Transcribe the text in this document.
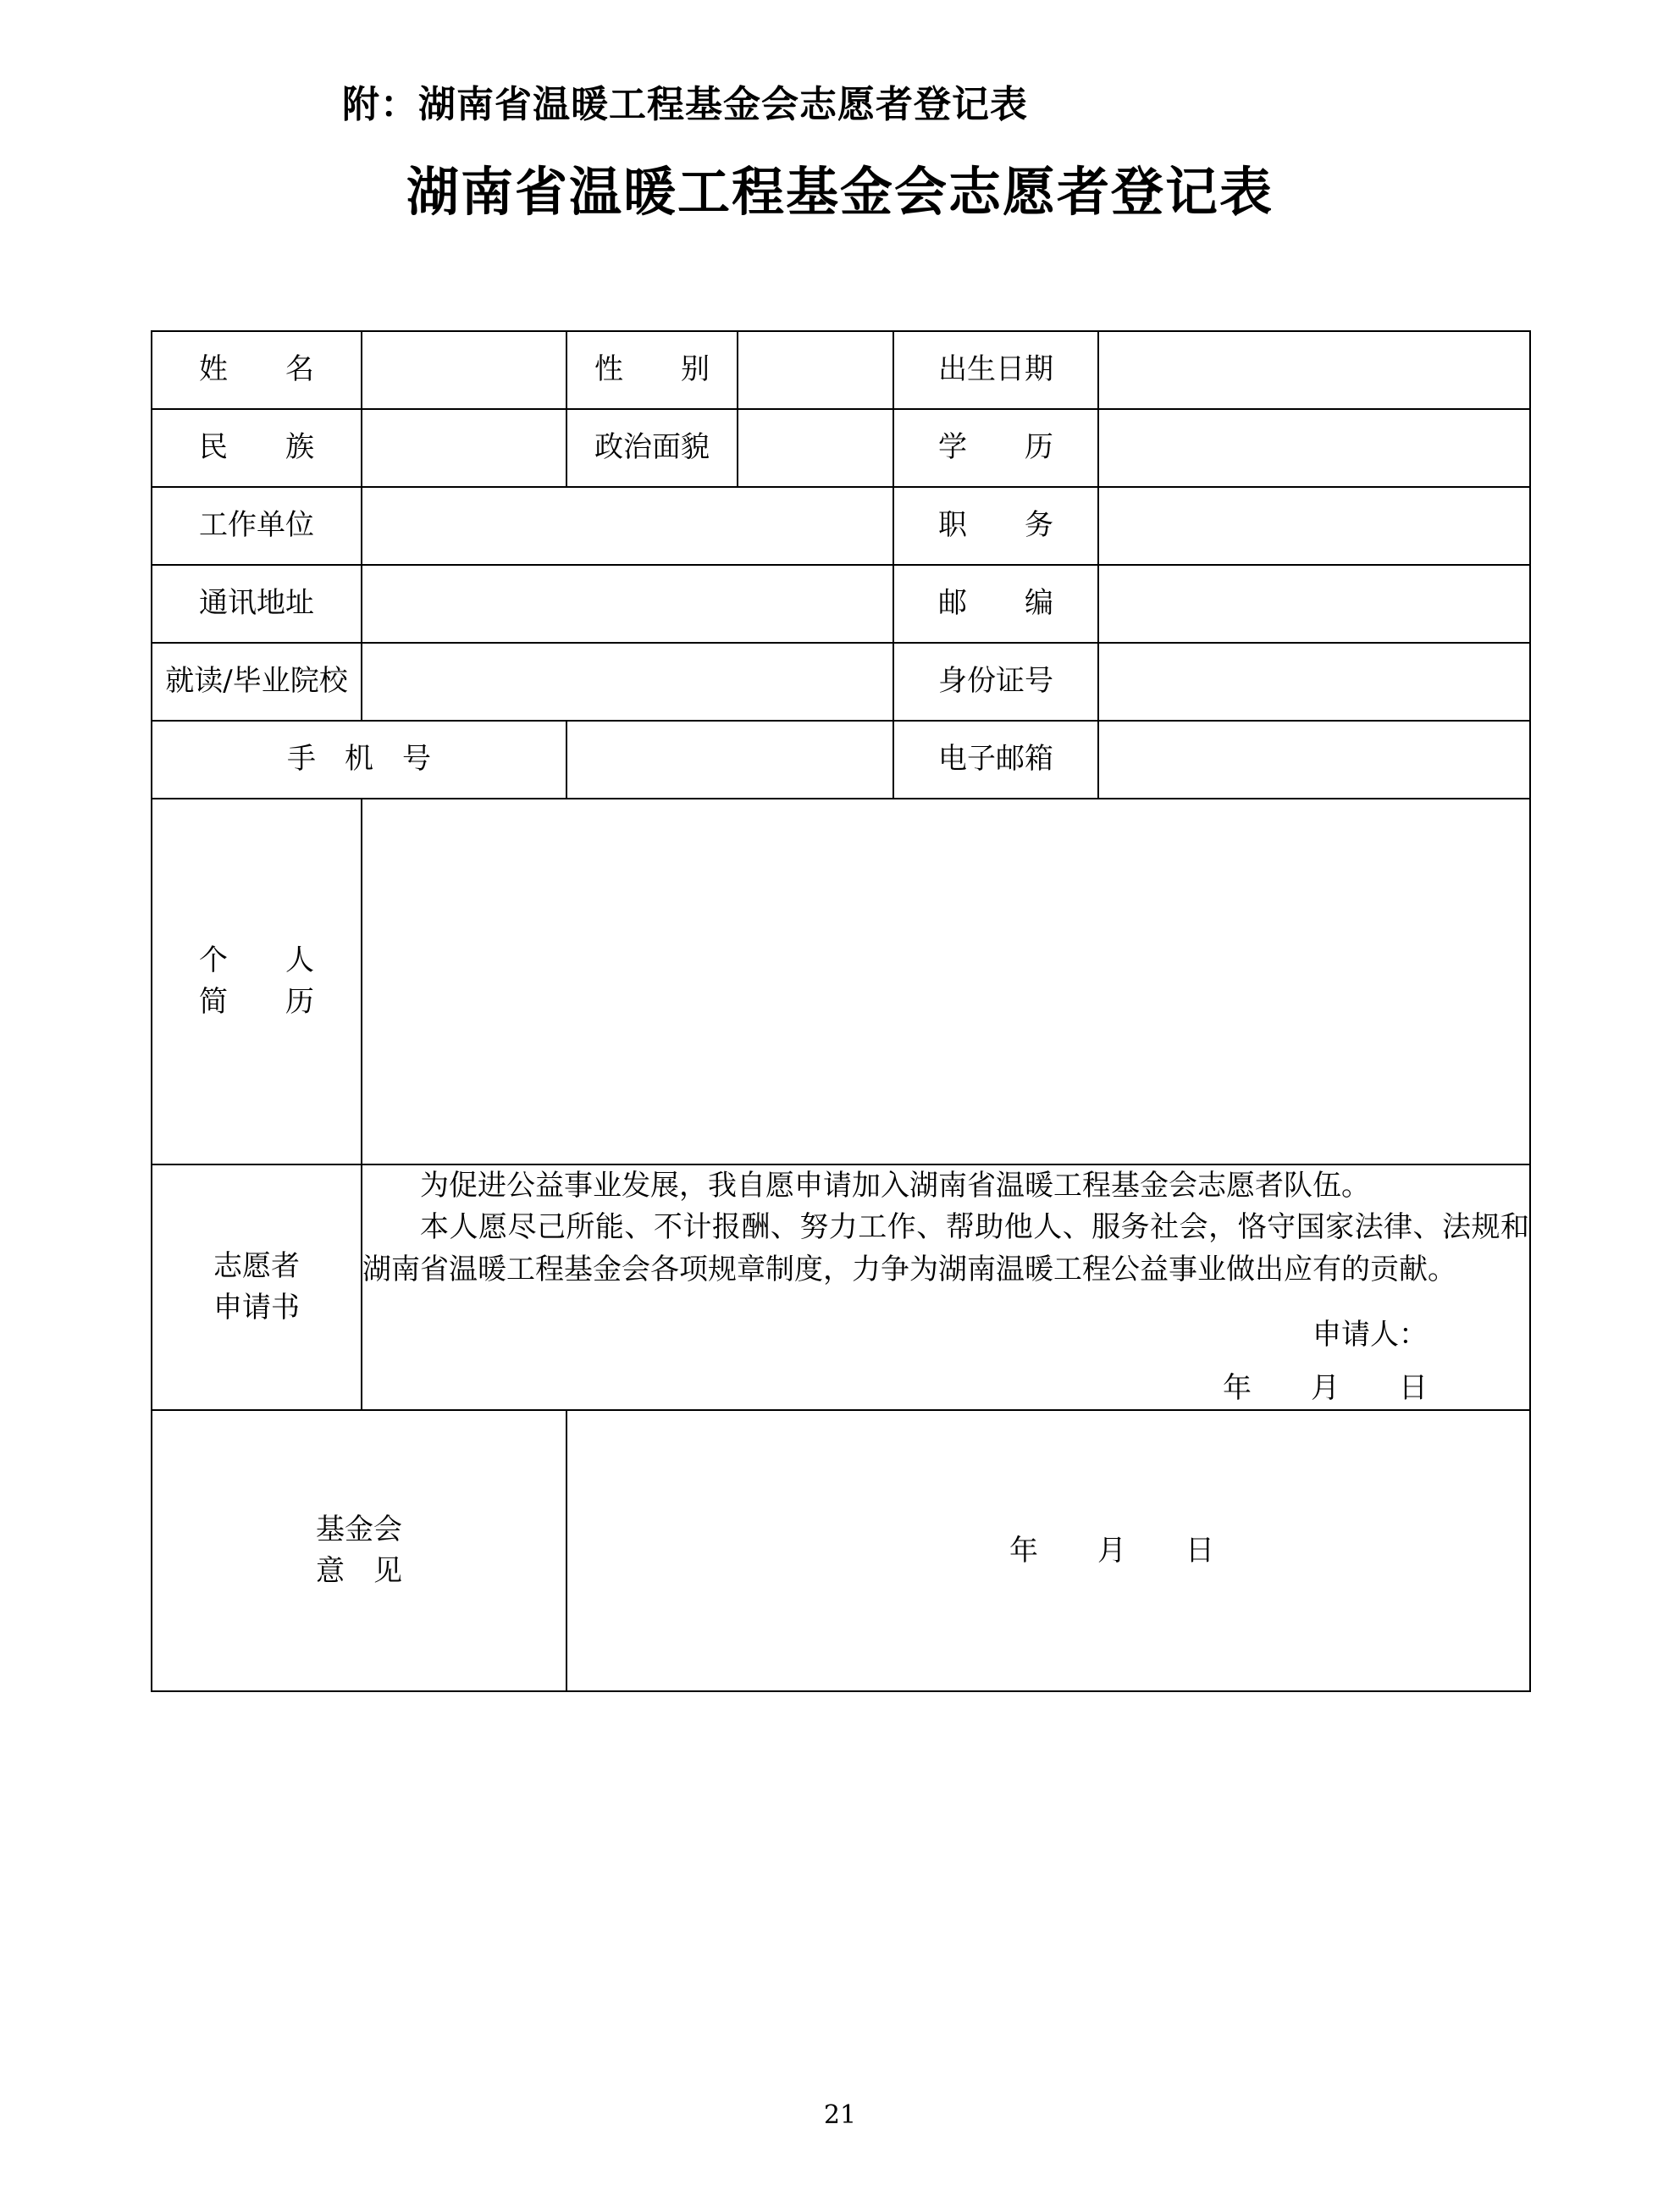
附：湖南省温暖工程基金会志愿者登记表
湖南省温暖工程基金会志愿者登记表
姓　　名		性　　别		出生日期	
民　　族		政治面貌		学　　历	
工作单位				职　　务	
通讯地址				邮　　编	
就读/毕业院校				身份证号	
手　机　号				电子邮箱	

个　　人
简　　历					

志愿者
申请书

为促进公益事业发展，我自愿申请加入湖南省温暖工程基金会志愿者队伍。

本人愿尽己所能、不计报酬、努力工作、帮助他人、服务社会，恪守国家法律、法规和湖南省温暖工程基金会各项规章制度，力争为湖南温暖工程公益事业做出应有的贡献。

申请人：
年 月 日

基金会
意　见		年 月 日			
21
